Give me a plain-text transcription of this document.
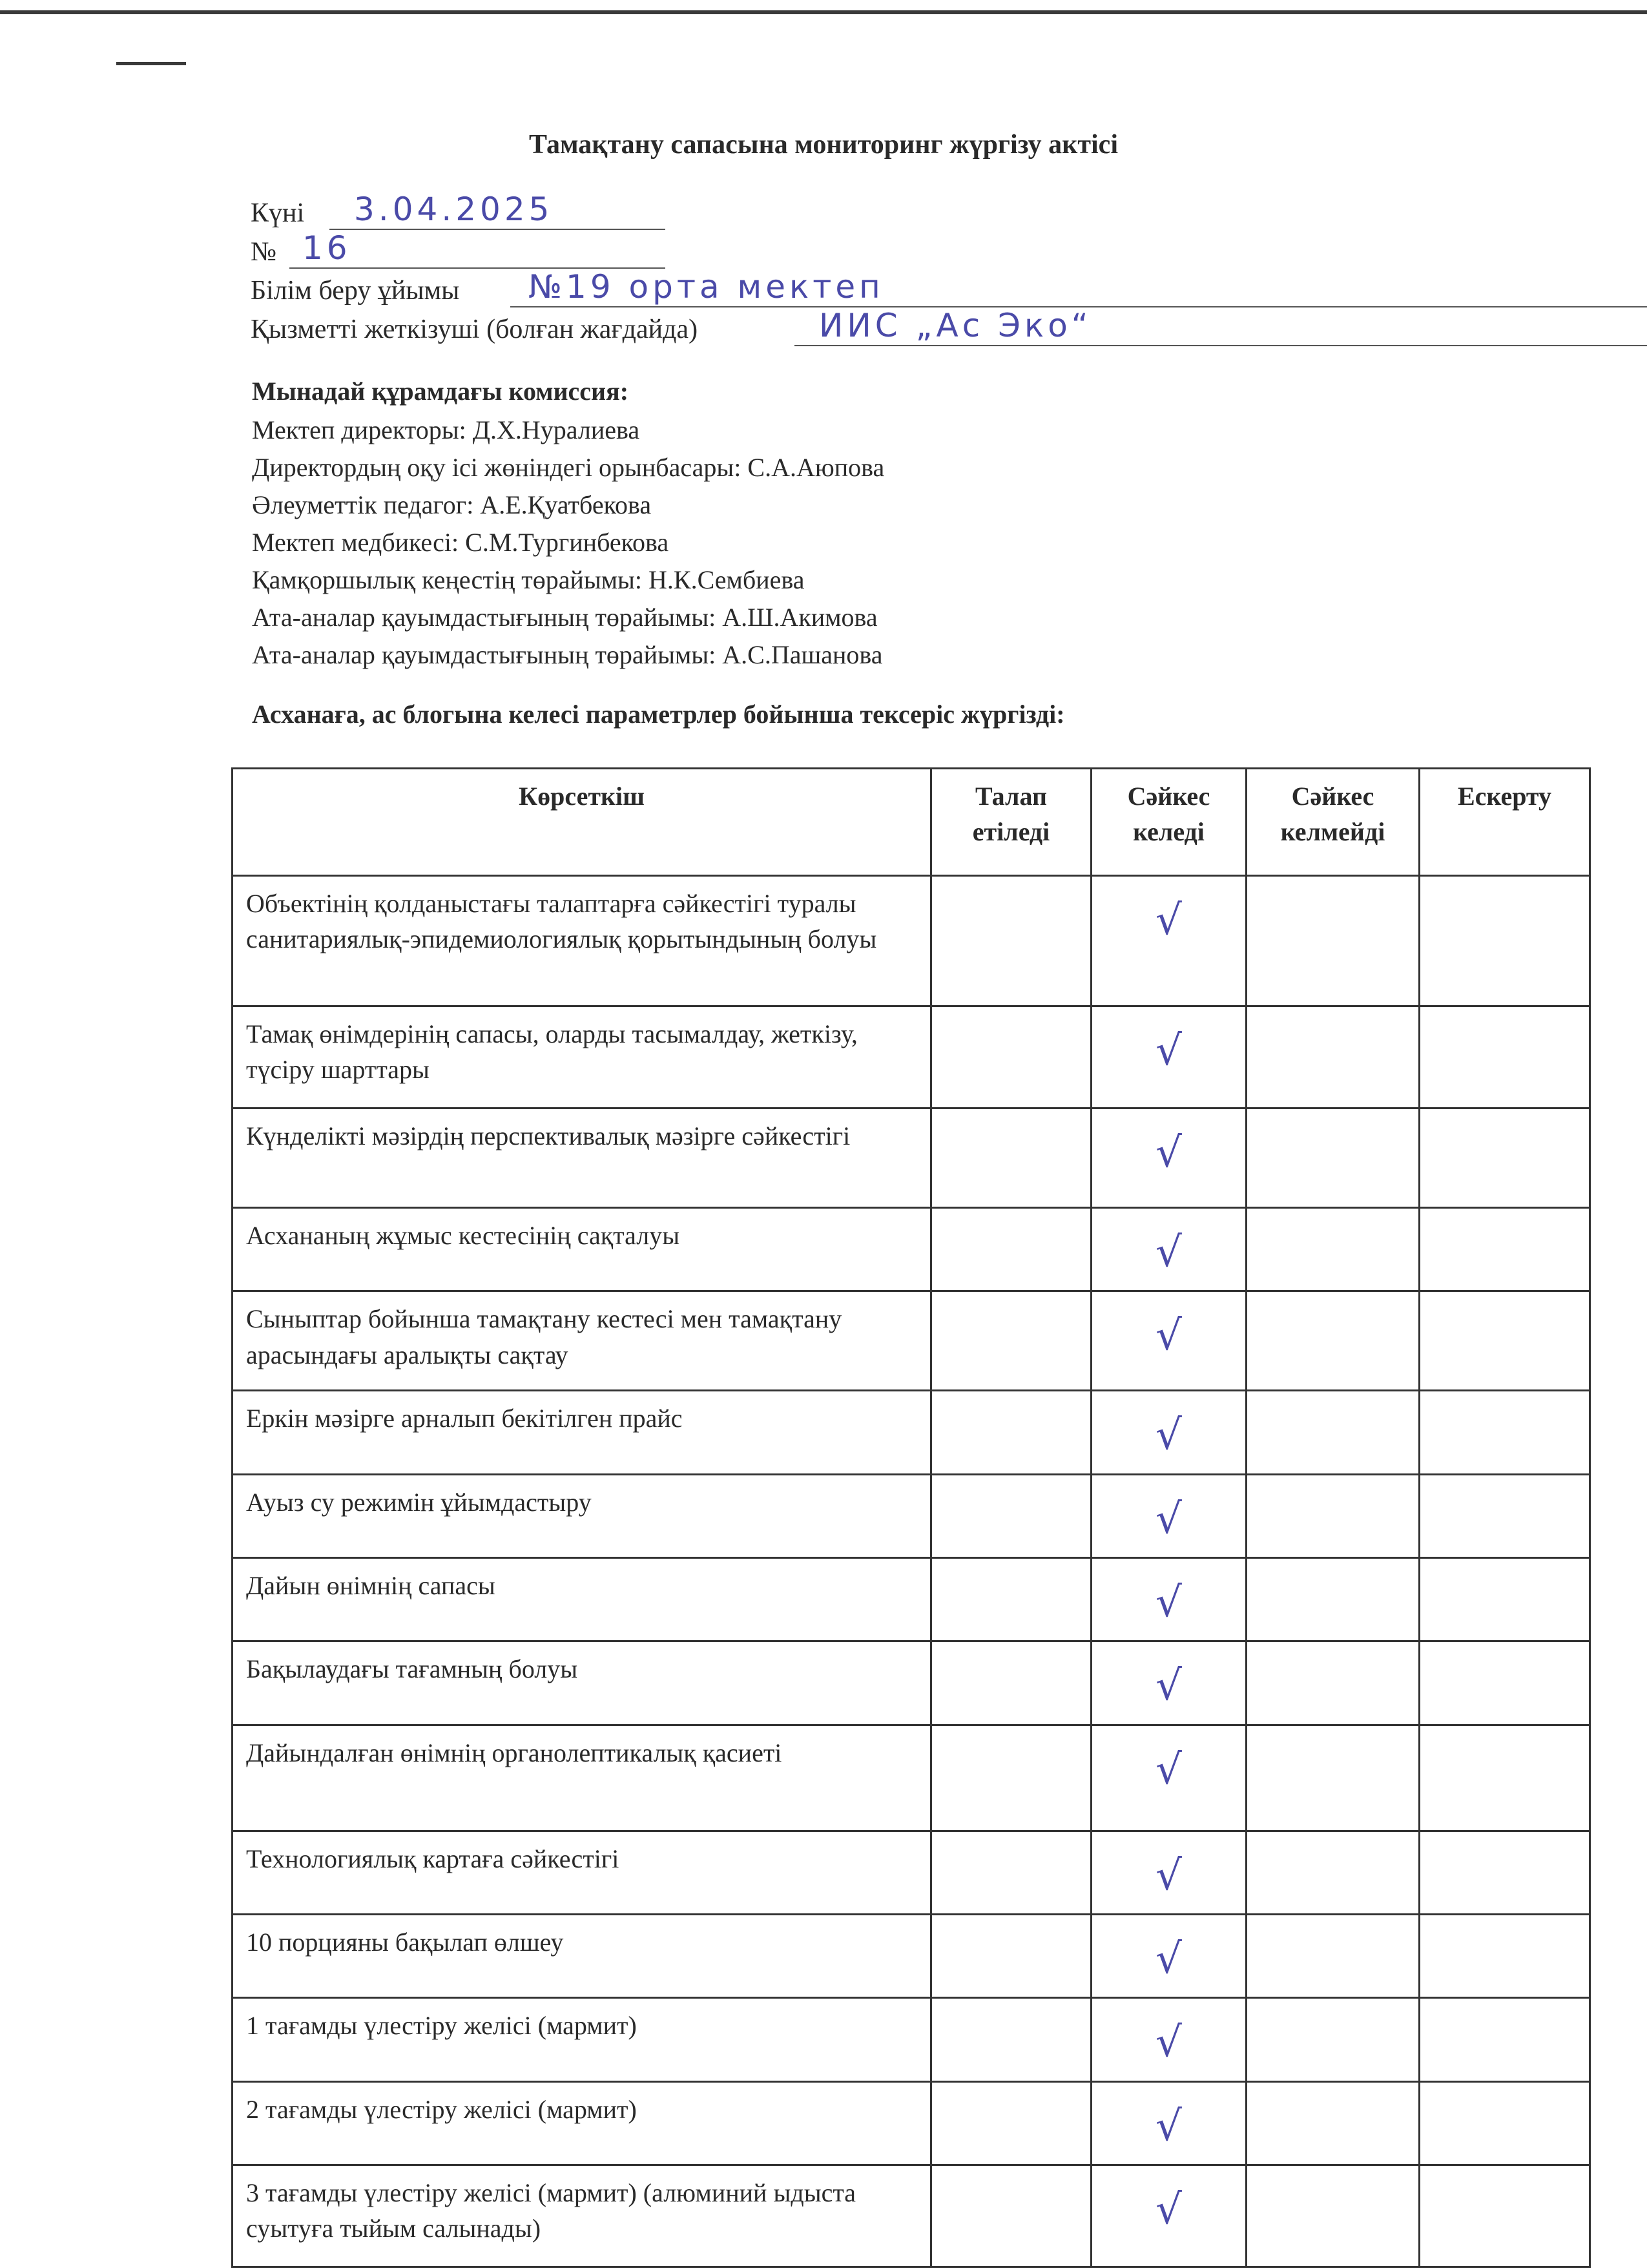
Тамақтану сапасына мониторинг жүргізу актісі
Күні 3.04.2025
№ 16
Білім беру ұйымы №19 орта мектеп
Қызметті жеткізуші (болған жағдайда)	ИИС „Ас Эко“
Мынадай құрамдағы комиссия:
Мектеп директоры: Д.Х.Нуралиева
Директордың оқу ісі жөніндегі орынбасары: С.А.Аюпова
Әлеуметтік педагог: А.Е.Қуатбекова
Мектеп медбикесі: С.М.Тургинбекова
Қамқоршылық кеңестің төрайымы: Н.К.Сембиева
Ата-аналар қауымдастығының төрайымы: А.Ш.Акимова
Ата-аналар қауымдастығының төрайымы: А.С.Пашанова
Асханаға, ас блогына келесі параметрлер бойынша тексеріс жүргізді:
Көрсеткіш	Талап етіледі	Сәйкес келеді	Сәйкес келмейді	Ескерту
Объектінің қолданыстағы талаптарға сәйкестігі туралы санитариялық-эпидемиологиялық қорытындының болуы		√		

Тамақ өнімдерінің сапасы, оларды тасымалдау, жеткізу, түсіру шарттары		√		

Күнделікті мәзірдің перспективалық мәзірге сәйкестігі		√		

Асхананың жұмыс кестесінің сақталуы		√		

Сыныптар бойынша тамақтану кестесі мен тамақтану арасындағы аралықты сақтау		√		

Еркін мәзірге арналып бекітілген прайс		√		

Ауыз су режимін ұйымдастыру		√		

Дайын өнімнің сапасы		√		

Бақылаудағы тағамның болуы		√		

Дайындалған өнімнің органолептикалық қасиеті		√		

Технологиялық картаға сәйкестігі		√		

10 порцияны бақылап өлшеу		√		

1 тағамды үлестіру желісі (мармит)		√		

2 тағамды үлестіру желісі (мармит)		√		

3 тағамды үлестіру желісі (мармит) (алюминий ыдыста суытуға тыйым салынады)		√		
